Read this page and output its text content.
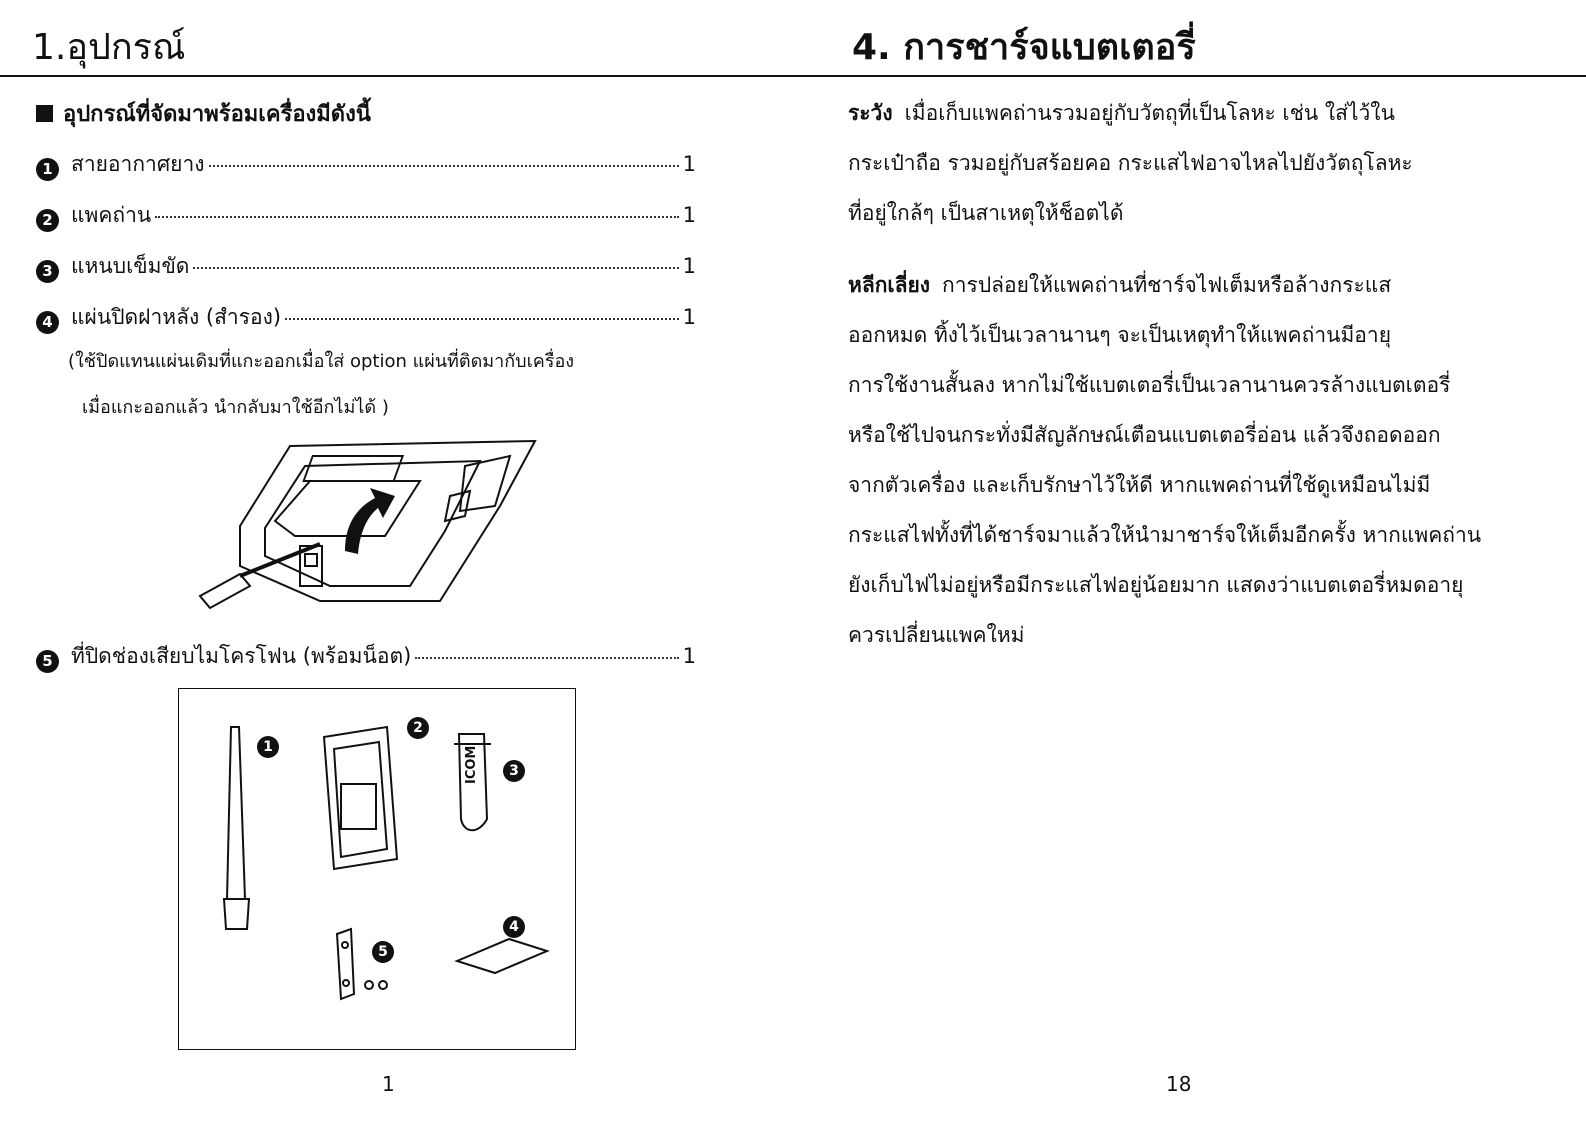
1.อุปกรณ์	4. การชาร์จแบตเตอรี่
อุปกรณ์ที่จัดมาพร้อมเครื่องมีดังนี้
1 สายอากาศยาง	1
2 แพคถ่าน	1
3 แหนบเข็มขัด	1
4 แผ่นปิดฝาหลัง (สำรอง)	1
(ใช้ปิดแทนแผ่นเดิมที่แกะออกเมื่อใส่ option แผ่นที่ติดมากับเครื่อง
เมื่อแกะออกแล้ว นำกลับมาใช้อีกไม่ได้ )
5 ที่ปิดช่องเสียบไมโครโฟน (พร้อมน็อต)	1
1
2
3
4
5
ICOM
1
ระวัง เมื่อเก็บแพคถ่านรวมอยู่กับวัตถุที่เป็นโลหะ เช่น ใส่ไว้ใน
กระเป๋าถือ รวมอยู่กับสร้อยคอ กระแสไฟอาจไหลไปยังวัตถุโลหะ
ที่อยู่ใกล้ๆ เป็นสาเหตุให้ช็อตได้
หลีกเลี่ยง การปล่อยให้แพคถ่านที่ชาร์จไฟเต็มหรือล้างกระแส
ออกหมด ทิ้งไว้เป็นเวลานานๆ จะเป็นเหตุทำให้แพคถ่านมีอายุ
การใช้งานสั้นลง หากไม่ใช้แบตเตอรี่เป็นเวลานานควรล้างแบตเตอรี่
หรือใช้ไปจนกระทั่งมีสัญลักษณ์เตือนแบตเตอรี่อ่อน แล้วจึงถอดออก
จากตัวเครื่อง และเก็บรักษาไว้ให้ดี หากแพคถ่านที่ใช้ดูเหมือนไม่มี
กระแสไฟทั้งที่ได้ชาร์จมาแล้วให้นำมาชาร์จให้เต็มอีกครั้ง หากแพคถ่าน
ยังเก็บไฟไม่อยู่หรือมีกระแสไฟอยู่น้อยมาก แสดงว่าแบตเตอรี่หมดอายุ
ควรเปลี่ยนแพคใหม่
18
